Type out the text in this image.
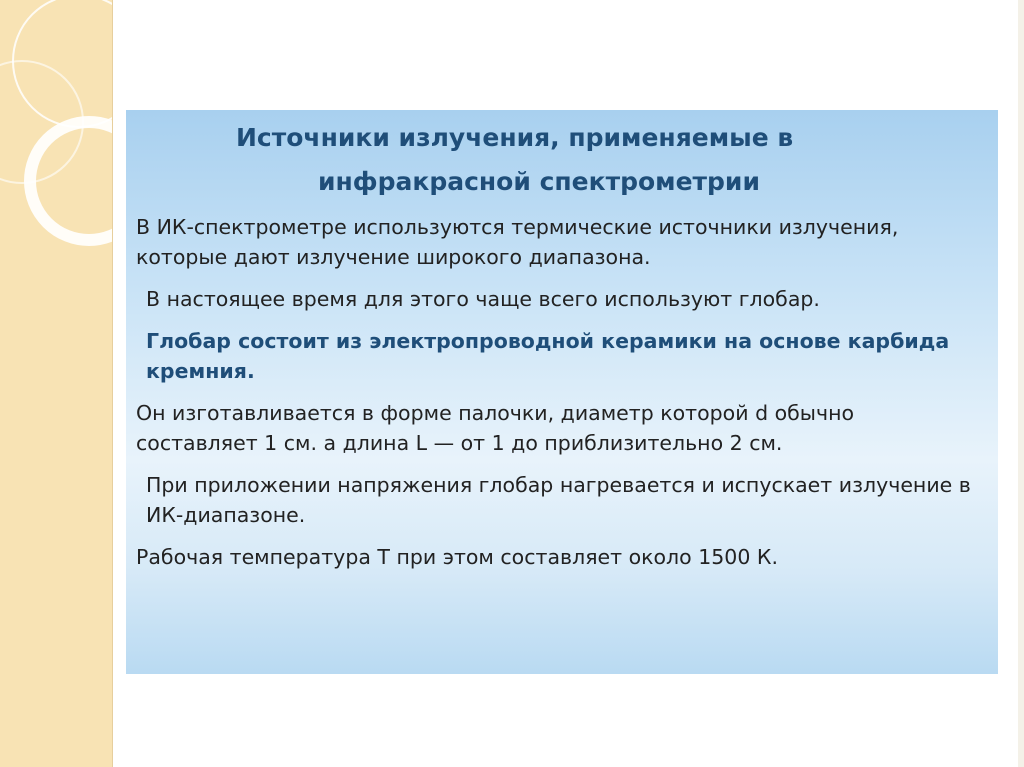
Источники излучения, применяемые в
инфракрасной спектрометрии
В ИК-спектрометре используются термические источники излучения, которые дают излучение широкого диапазона.
В настоящее время для этого чаще всего используют глобар.
Глобар состоит из электропроводной керамики на основе карбида кремния.
Он изготавливается в форме палочки, диаметр которой d обычно составляет 1 см. а длина L — от 1 до приблизительно 2 см.
При приложении напряжения глобар нагревается и испускает излучение в ИК-диапазоне.
Рабочая температура T при этом составляет около 1500 К.
